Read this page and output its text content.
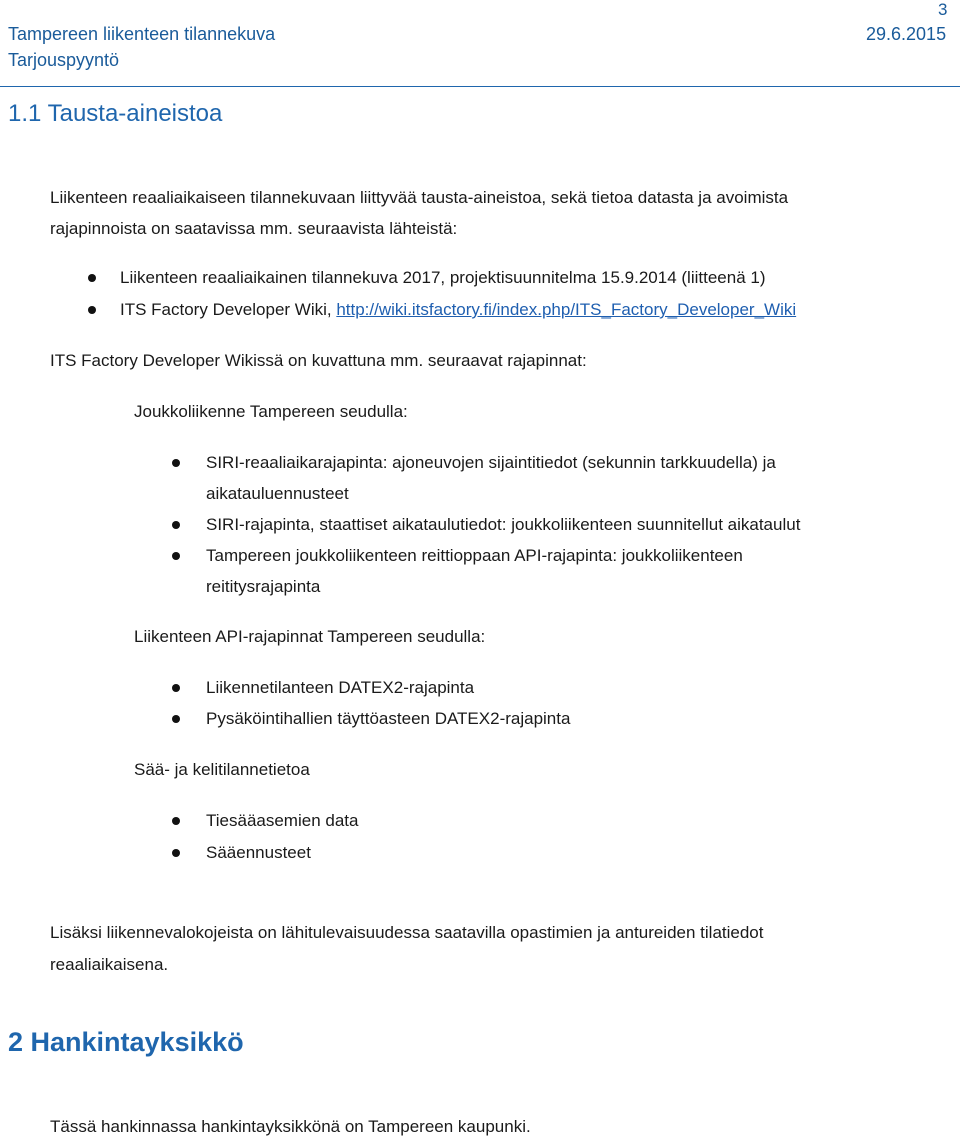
3
Tampereen liikenteen tilannekuva	29.6.2015
Tarjouspyyntö
1.1 Tausta-aineistoa
Liikenteen reaaliaikaiseen tilannekuvaan liittyvää tausta-aineistoa, sekä tietoa datasta ja avoimista
rajapinnoista on saatavissa mm. seuraavista lähteistä:
Liikenteen reaaliaikainen tilannekuva 2017, projektisuunnitelma 15.9.2014 (liitteenä 1)
ITS Factory Developer Wiki, http://wiki.itsfactory.fi/index.php/ITS_Factory_Developer_Wiki
ITS Factory Developer Wikissä on kuvattuna mm. seuraavat rajapinnat:
Joukkoliikenne Tampereen seudulla:
SIRI-reaaliaikarajapinta: ajoneuvojen sijaintitiedot (sekunnin tarkkuudella) ja
aikatauluennusteet
SIRI-rajapinta, staattiset aikataulutiedot: joukkoliikenteen suunnitellut aikataulut
Tampereen joukkoliikenteen reittioppaan API-rajapinta: joukkoliikenteen
reititysrajapinta
Liikenteen API-rajapinnat Tampereen seudulla:
Liikennetilanteen DATEX2-rajapinta
Pysäköintihallien täyttöasteen DATEX2-rajapinta
Sää- ja kelitilannetietoa
Tiesääasemien data
Sääennusteet
Lisäksi liikennevalokojeista on lähitulevaisuudessa saatavilla opastimien ja antureiden tilatiedot
reaaliaikaisena.
2 Hankintayksikkö
Tässä hankinnassa hankintayksikkönä on Tampereen kaupunki.
